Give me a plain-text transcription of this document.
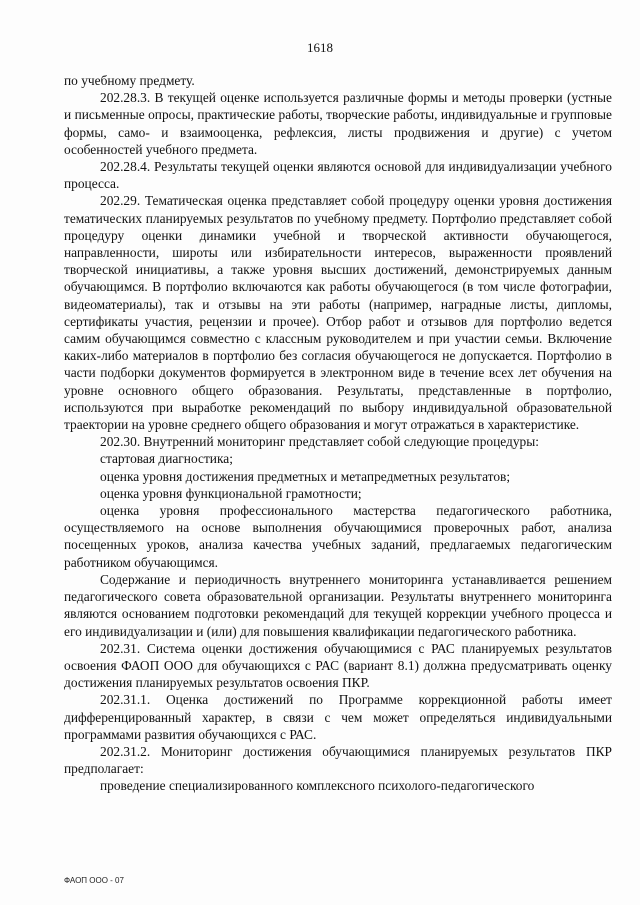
1618

по учебному предмету.

202.28.3. В текущей оценке используется различные формы и методы проверки (устные и письменные опросы, практические работы, творческие работы, индивидуальные и групповые формы, само- и взаимооценка, рефлексия, листы продвижения и другие) с учетом особенностей учебного предмета.

202.28.4. Результаты текущей оценки являются основой для индивидуализации учебного процесса.

202.29. Тематическая оценка представляет собой процедуру оценки уровня достижения тематических планируемых результатов по учебному предмету. Портфолио представляет собой процедуру оценки динамики учебной и творческой активности обучающегося, направленности, широты или избирательности интересов, выраженности проявлений творческой инициативы, а также уровня высших достижений, демонстрируемых данным обучающимся. В портфолио включаются как работы обучающегося (в том числе фотографии, видеоматериалы), так и отзывы на эти работы (например, наградные листы, дипломы, сертификаты участия, рецензии и прочее). Отбор работ и отзывов для портфолио ведется самим обучающимся совместно с классным руководителем и при участии семьи. Включение каких-либо материалов в портфолио без согласия обучающегося не допускается. Портфолио в части подборки документов формируется в электронном виде в течение всех лет обучения на уровне основного общего образования. Результаты, представленные в портфолио, используются при выработке рекомендаций по выбору индивидуальной образовательной траектории на уровне среднего общего образования и могут отражаться в характеристике.

202.30. Внутренний мониторинг представляет собой следующие процедуры:

стартовая диагностика;

оценка уровня достижения предметных и метапредметных результатов;

оценка уровня функциональной грамотности;

оценка уровня профессионального мастерства педагогического работника, осуществляемого на основе выполнения обучающимися проверочных работ, анализа посещенных уроков, анализа качества учебных заданий, предлагаемых педагогическим работником обучающимся.

Содержание и периодичность внутреннего мониторинга устанавливается решением педагогического совета образовательной организации. Результаты внутреннего мониторинга являются основанием подготовки рекомендаций для текущей коррекции учебного процесса и его индивидуализации и (или) для повышения квалификации педагогического работника.

202.31. Система оценки достижения обучающимися с РАС планируемых результатов освоения ФАОП ООО для обучающихся с РАС (вариант 8.1) должна предусматривать оценку достижения планируемых результатов освоения ПКР.

202.31.1. Оценка достижений по Программе коррекционной работы имеет дифференцированный характер, в связи с чем может определяться индивидуальными программами развития обучающихся с РАС.

202.31.2. Мониторинг достижения обучающимися планируемых результатов ПКР предполагает:

проведение специализированного комплексного психолого-педагогического

ФАОП ООО - 07
